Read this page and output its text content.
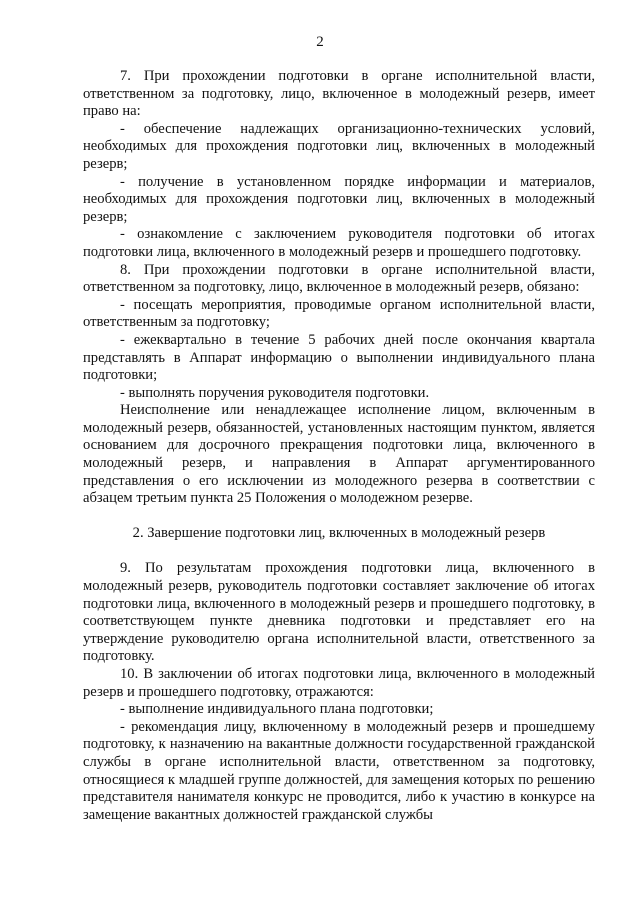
2

7. При прохождении подготовки в органе исполнительной власти, ответственном за подготовку, лицо, включенное в молодежный резерв, имеет право на:

- обеспечение надлежащих организационно-технических условий, необходимых для прохождения подготовки лиц, включенных в молодежный резерв;

- получение в установленном порядке информации и материалов, необходимых для прохождения подготовки лиц, включенных в молодежный резерв;

- ознакомление с заключением руководителя подготовки об итогах подготовки лица, включенного в молодежный резерв и прошедшего подготовку.

8. При прохождении подготовки в органе исполнительной власти, ответственном за подготовку, лицо, включенное в молодежный резерв, обязано:

- посещать мероприятия, проводимые органом исполнительной власти, ответственным за подготовку;

- ежеквартально в течение 5 рабочих дней после окончания квартала представлять в Аппарат информацию о выполнении индивидуального плана подготовки;

- выполнять поручения руководителя подготовки.

Неисполнение или ненадлежащее исполнение лицом, включенным в молодежный резерв, обязанностей, установленных настоящим пунктом, является основанием для досрочного прекращения подготовки лица, включенного в молодежный резерв, и направления в Аппарат аргументированного представления о его исключении из молодежного резерва в соответствии с абзацем третьим пункта 25 Положения о молодежном резерве.

2. Завершение подготовки лиц, включенных в молодежный резерв

9. По результатам прохождения подготовки лица, включенного в молодежный резерв, руководитель подготовки составляет заключение об итогах подготовки лица, включенного в молодежный резерв и прошедшего подготовку, в соответствующем пункте дневника подготовки и представляет его на утверждение руководителю органа исполнительной власти, ответственного за подготовку.

10. В заключении об итогах подготовки лица, включенного в молодежный резерв и прошедшего подготовку, отражаются:

- выполнение индивидуального плана подготовки;

- рекомендация лицу, включенному в молодежный резерв и прошедшему подготовку, к назначению на вакантные должности государственной гражданской службы в органе исполнительной власти, ответственном за подготовку, относящиеся к младшей группе должностей, для замещения которых по решению представителя нанимателя конкурс не проводится, либо к участию в конкурсе на замещение вакантных должностей гражданской службы
